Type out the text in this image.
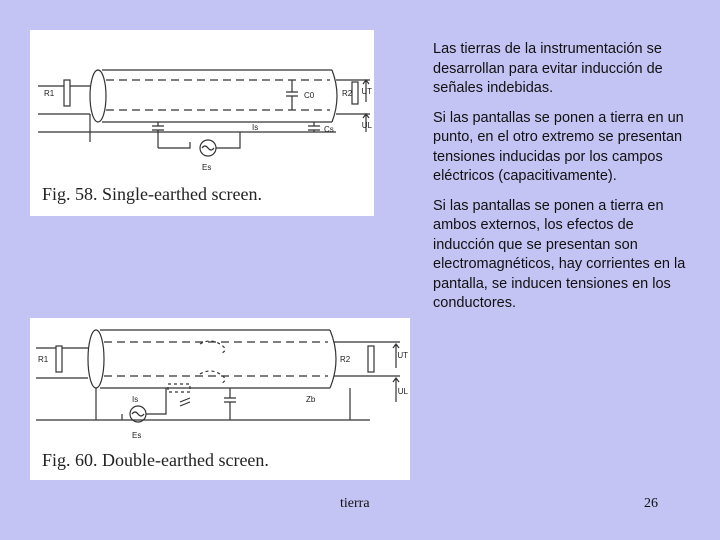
R1	R2
C0
Cs
Is
Es
UT
UL
Fig. 58. Single-earthed screen.
R1	R2
Is
Es
Zb
UT
UL
Fig. 60. Double-earthed screen.

Las tierras de la instrumentación se desarrollan para evitar inducción de señales indebidas.

Si las pantallas se ponen a tierra en un punto, en el otro extremo se presentan tensiones inducidas por los campos eléctricos (capacitivamente).

Si las pantallas se ponen a tierra en ambos externos, los efectos de inducción que se presentan son electromagnéticos, hay corrientes en la pantalla, se inducen tensiones en los conductores.

tierra	26
